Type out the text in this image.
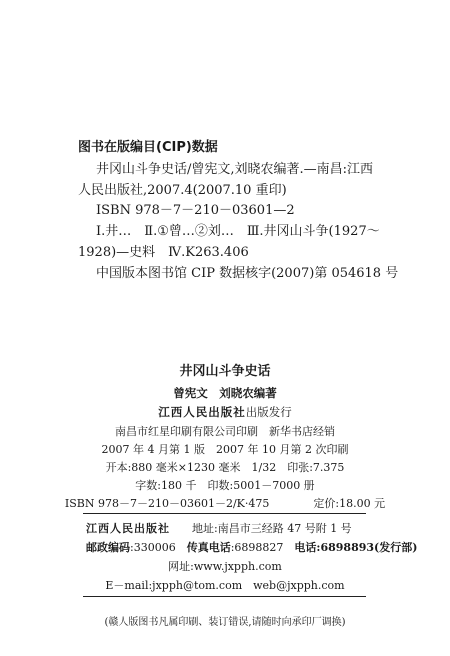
图书在版编目(CIP)数据
井冈山斗争史话/曾宪文,刘晓农编著.—南昌:江西
人民出版社,2007.4(2007.10 重印)
ISBN 978－7－210－03601—2
Ⅰ.井…　Ⅱ.①曾…②刘…　Ⅲ.井冈山斗争(1927～
1928)—史料　Ⅳ.K263.406
中国版本图书馆 CIP 数据核字(2007)第 054618 号
井冈山斗争史话
曾宪文　刘晓农编著
江西人民出版社出版发行
南昌市红星印刷有限公司印刷　新华书店经销
2007 年 4 月第 1 版　2007 年 10 月第 2 次印刷
开本:880 毫米×1230 毫米　1/32　印张:7.375
字数:180 千　印数:5001－7000 册
ISBN 978－7－210－03601－2/K·475　　　　	定价:18.00 元
江西人民出版社　　 地址:南昌市三经路 47 号附 1 号
邮政编码:330006　 传真电话:6898827　 电话:6898893(发行部)
网址:www.jxpph.com
E－mail:jxpph@tom.com　web@jxpph.com
(赣人版图书凡属印刷、装订错误,请随时向承印厂调换)
